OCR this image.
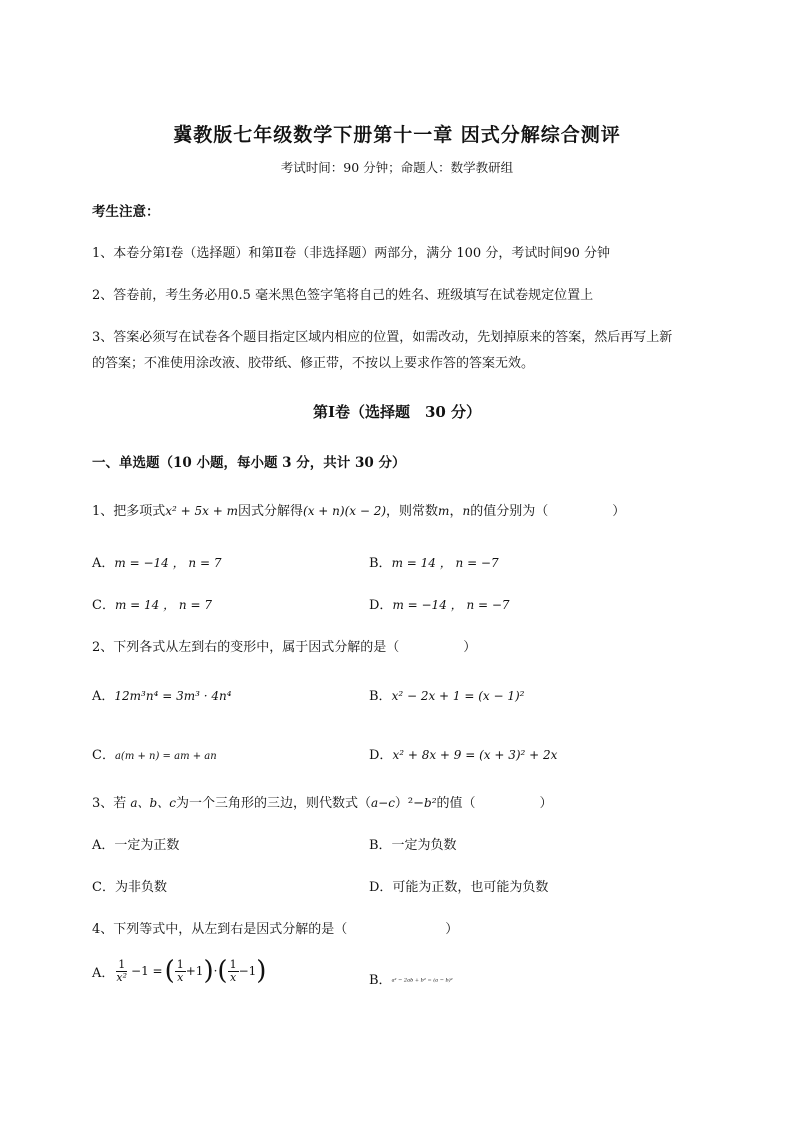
冀教版七年级数学下册第十一章 因式分解综合测评
考试时间：90 分钟；命题人：数学教研组
考生注意：
1、本卷分第Ⅰ卷（选择题）和第Ⅱ卷（非选择题）两部分，满分 100 分，考试时间90 分钟
2、答卷前，考生务必用0.5 毫米黑色签字笔将自己的姓名、班级填写在试卷规定位置上
3、答案必须写在试卷各个题目指定区域内相应的位置，如需改动，先划掉原来的答案，然后再写上新
的答案；不准使用涂改液、胶带纸、修正带，不按以上要求作答的答案无效。
第Ⅰ卷（选择题　30 分）
一、单选题（10 小题，每小题 3 分，共计 30 分）
1、把多项式x² + 5x + m因式分解得(x + n)(x − 2)，则常数m，n的值分别为（	）
A．m = −14 ， n = 7	B．m = 14 ， n = −7
C．m = 14 ， n = 7	D．m = −14 ， n = −7
2、下列各式从左到右的变形中，属于因式分解的是（	）
A．12m³n⁴ = 3m³ · 4n⁴	B．x² − 2x + 1 = (x − 1)²
C．a(m + n) = am + an	D．x² + 8x + 9 = (x + 3)² + 2x
3、若 a、b、c为一个三角形的三边，则代数式（a−c）²−b²的值（	）
A．一定为正数	B．一定为负数
C．为非负数	D．可能为正数，也可能为负数
4、下列等式中，从左到右是因式分解的是（	）
A． $\frac{1}{\text{x²}} -1$ = ( $\frac{1}{x} +1$ ) · ( $\frac{1}{x} -1$ )	B．a² − 2ab + b² = (a − b)²
